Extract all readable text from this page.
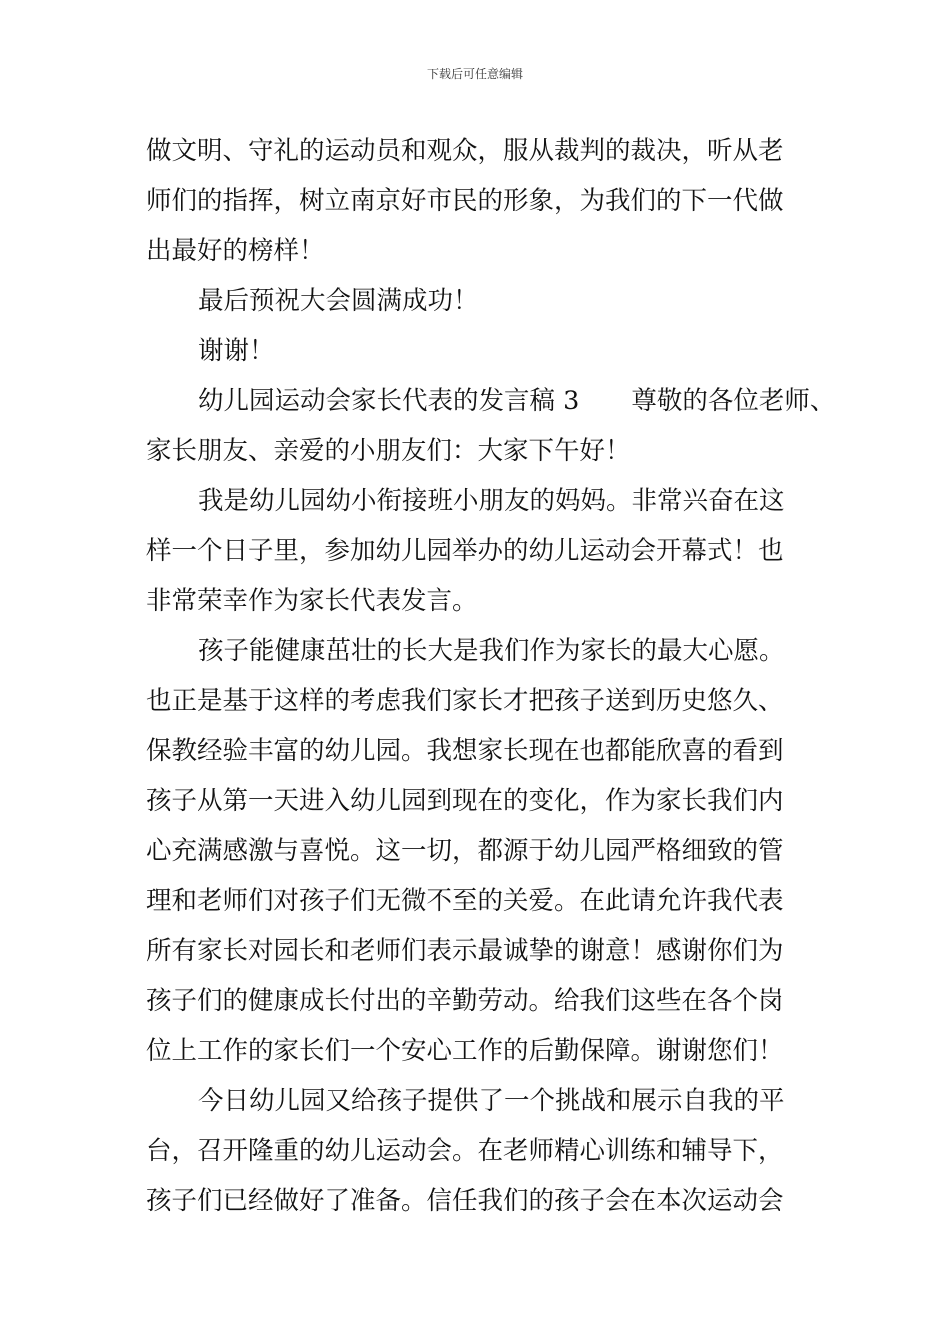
下载后可任意编辑
做文明、守礼的运动员和观众，服从裁判的裁决，听从老
师们的指挥，树立南京好市民的形象，为我们的下一代做
出最好的榜样！
最后预祝大会圆满成功！
谢谢！
幼儿园运动会家长代表的发言稿 3 尊敬的各位老师、
家长朋友、亲爱的小朋友们：大家下午好！
我是幼儿园幼小衔接班小朋友的妈妈。非常兴奋在这
样一个日子里，参加幼儿园举办的幼儿运动会开幕式！也
非常荣幸作为家长代表发言。
孩子能健康茁壮的长大是我们作为家长的最大心愿。
也正是基于这样的考虑我们家长才把孩子送到历史悠久、
保教经验丰富的幼儿园。我想家长现在也都能欣喜的看到
孩子从第一天进入幼儿园到现在的变化，作为家长我们内
心充满感激与喜悦。这一切，都源于幼儿园严格细致的管
理和老师们对孩子们无微不至的关爱。在此请允许我代表
所有家长对园长和老师们表示最诚挚的谢意！感谢你们为
孩子们的健康成长付出的辛勤劳动。给我们这些在各个岗
位上工作的家长们一个安心工作的后勤保障。谢谢您们！
今日幼儿园又给孩子提供了一个挑战和展示自我的平
台，召开隆重的幼儿运动会。在老师精心训练和辅导下，
孩子们已经做好了准备。信任我们的孩子会在本次运动会
